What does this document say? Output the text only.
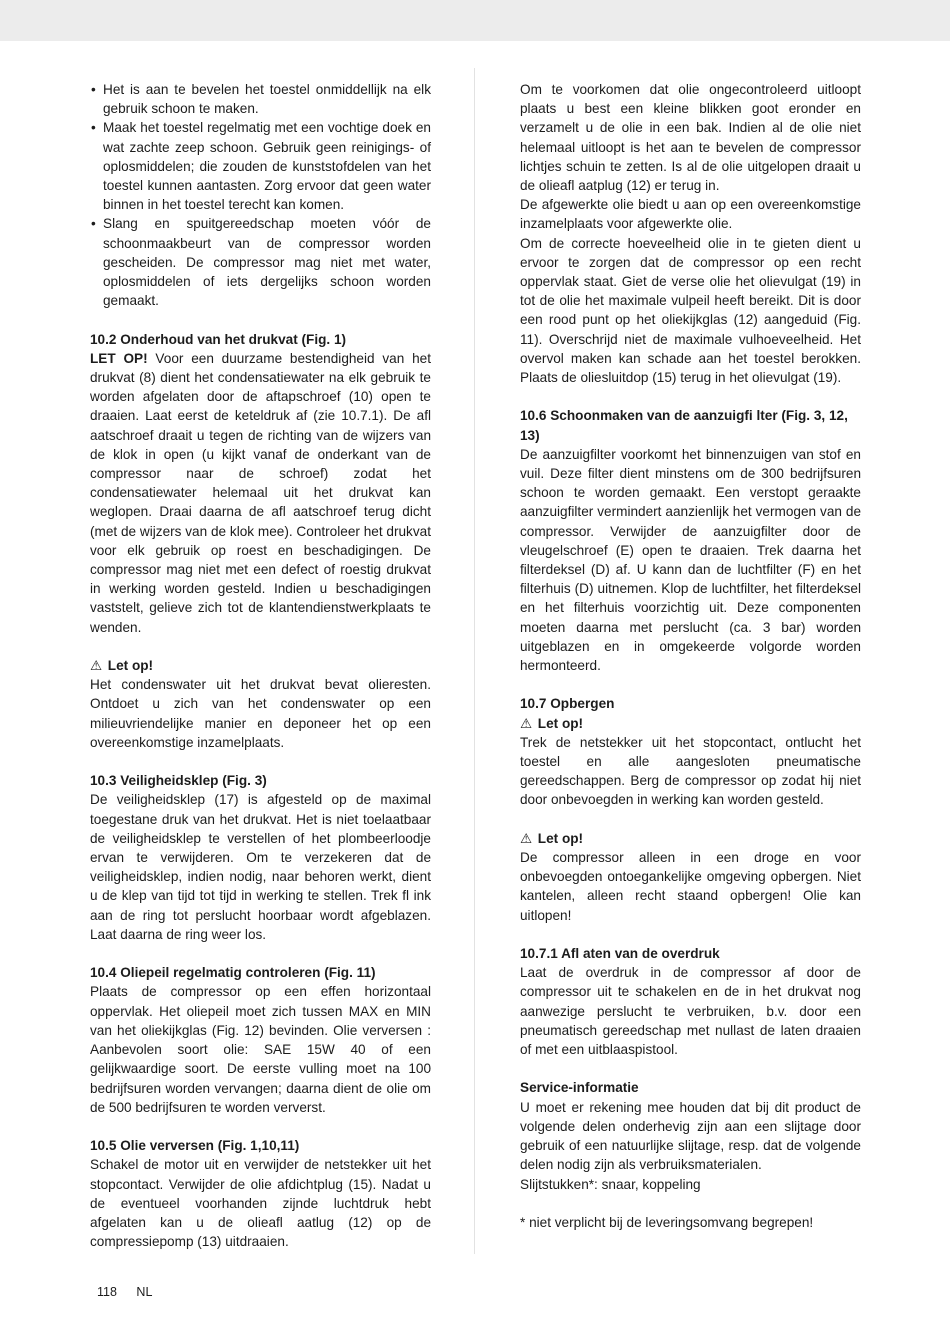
• Het is aan te bevelen het toestel onmiddellijk na elk gebruik schoon te maken.
• Maak het toestel regelmatig met een vochtige doek en wat zachte zeep schoon. Gebruik geen reinigings- of oplosmiddelen; die zouden de kunststofdelen van het toestel kunnen aantasten. Zorg ervoor dat geen water binnen in het toestel terecht kan komen.
• Slang en spuitgereedschap moeten vóór de schoonmaakbeurt van de compressor worden gescheiden. De compressor mag niet met water, oplosmiddelen of iets dergelijks schoon worden gemaakt.

10.2 Onderhoud van het drukvat (Fig. 1)

LET OP! Voor een duurzame bestendigheid van het drukvat (8) dient het condensatiewater na elk gebruik te worden afgelaten door de aftapschroef (10) open te draaien. Laat eerst de keteldruk af (zie 10.7.1). De afl aatschroef draait u tegen de richting van de wijzers van de klok in open (u kijkt vanaf de onderkant van de compressor naar de schroef) zodat het condensatiewater helemaal uit het drukvat kan weglopen. Draai daarna de afl aatschroef terug dicht (met de wijzers van de klok mee). Controleer het drukvat voor elk gebruik op roest en beschadigingen. De compressor mag niet met een defect of roestig drukvat in werking worden gesteld. Indien u beschadigingen vaststelt, gelieve zich tot de klantendienstwerkplaats te wenden.

⚠ Let op!

Het condenswater uit het drukvat bevat olieresten. Ontdoet u zich van het condenswater op een milieuvriendelijke manier en deponeer het op een overeenkomstige inzamelplaats.

10.3 Veiligheidsklep (Fig. 3)

De veiligheidsklep (17) is afgesteld op de maximal toegestane druk van het drukvat. Het is niet toelaatbaar de veiligheidsklep te verstellen of het plombeerloodje ervan te verwijderen. Om te verzekeren dat de veiligheidsklep, indien nodig, naar behoren werkt, dient u de klep van tijd tot tijd in werking te stellen. Trek fl ink aan de ring tot perslucht hoorbaar wordt afgeblazen. Laat daarna de ring weer los.

10.4 Oliepeil regelmatig controleren (Fig. 11)

Plaats de compressor op een effen horizontaal oppervlak. Het oliepeil moet zich tussen MAX en MIN van het oliekijkglas (Fig. 12) bevinden. Olie verversen : Aanbevolen soort olie: SAE 15W 40 of een gelijkwaardige soort. De eerste vulling moet na 100 bedrijfsuren worden vervangen; daarna dient de olie om de 500 bedrijfsuren te worden ververst.

10.5 Olie verversen (Fig. 1,10,11)

Schakel de motor uit en verwijder de netstekker uit het stopcontact. Verwijder de olie afdichtplug (15). Nadat u de eventueel voorhanden zijnde luchtdruk hebt afgelaten kan u de olieafl aatlug (12) op de compressiepomp (13) uitdraaien.

Om te voorkomen dat olie ongecontroleerd uitloopt plaats u best een kleine blikken goot eronder en verzamelt u de olie in een bak. Indien al de olie niet helemaal uitloopt is het aan te bevelen de compressor lichtjes schuin te zetten. Is al de olie uitgelopen draait u de olieafl aatplug (12) er terug in.

De afgewerkte olie biedt u aan op een overeenkomstige inzamelplaats voor afgewerkte olie.

Om de correcte hoeveelheid olie in te gieten dient u ervoor te zorgen dat de compressor op een recht oppervlak staat. Giet de verse olie het olievulgat (19) in tot de olie het maximale vulpeil heeft bereikt. Dit is door een rood punt op het oliekijkglas (12) aangeduid (Fig. 11). Overschrijd niet de maximale vulhoeveelheid. Het overvol maken kan schade aan het toestel berokken. Plaats de oliesluitdop (15) terug in het olievulgat (19).

10.6 Schoonmaken van de aanzuigfi lter (Fig. 3, 12, 13)

De aanzuigfilter voorkomt het binnenzuigen van stof en vuil. Deze filter dient minstens om de 300 bedrijfsuren schoon te worden gemaakt. Een verstopt geraakte aanzuigfilter vermindert aanzienlijk het vermogen van de compressor. Verwijder de aanzuigfilter door de vleugelschroef (E) open te draaien. Trek daarna het filterdeksel (D) af. U kann dan de luchtfilter (F) en het filterhuis (D) uitnemen. Klop de luchtfilter, het filterdeksel en het filterhuis voorzichtig uit. Deze componenten moeten daarna met perslucht (ca. 3 bar) worden uitgeblazen en in omgekeerde volgorde worden hermonteerd.

10.7 Opbergen

⚠ Let op!

Trek de netstekker uit het stopcontact, ontlucht het toestel en alle aangesloten pneumatische gereedschappen. Berg de compressor op zodat hij niet door onbevoegden in werking kan worden gesteld.

⚠ Let op!

De compressor alleen in een droge en voor onbevoegden ontoegankelijke omgeving opbergen. Niet kantelen, alleen recht staand opbergen! Olie kan uitlopen!

10.7.1 Afl aten van de overdruk

Laat de overdruk in de compressor af door de compressor uit te schakelen en de in het drukvat nog aanwezige perslucht te verbruiken, b.v. door een pneumatisch gereedschap met nullast de laten draaien of met een uitblaaspistool.

Service-informatie

U moet er rekening mee houden dat bij dit product de volgende delen onderhevig zijn aan een slijtage door gebruik of een natuurlijke slijtage, resp. dat de volgende delen nodig zijn als verbruiksmaterialen.

Slijtstukken*: snaar, koppeling

* niet verplicht bij de leveringsomvang begrepen!

118 NL
